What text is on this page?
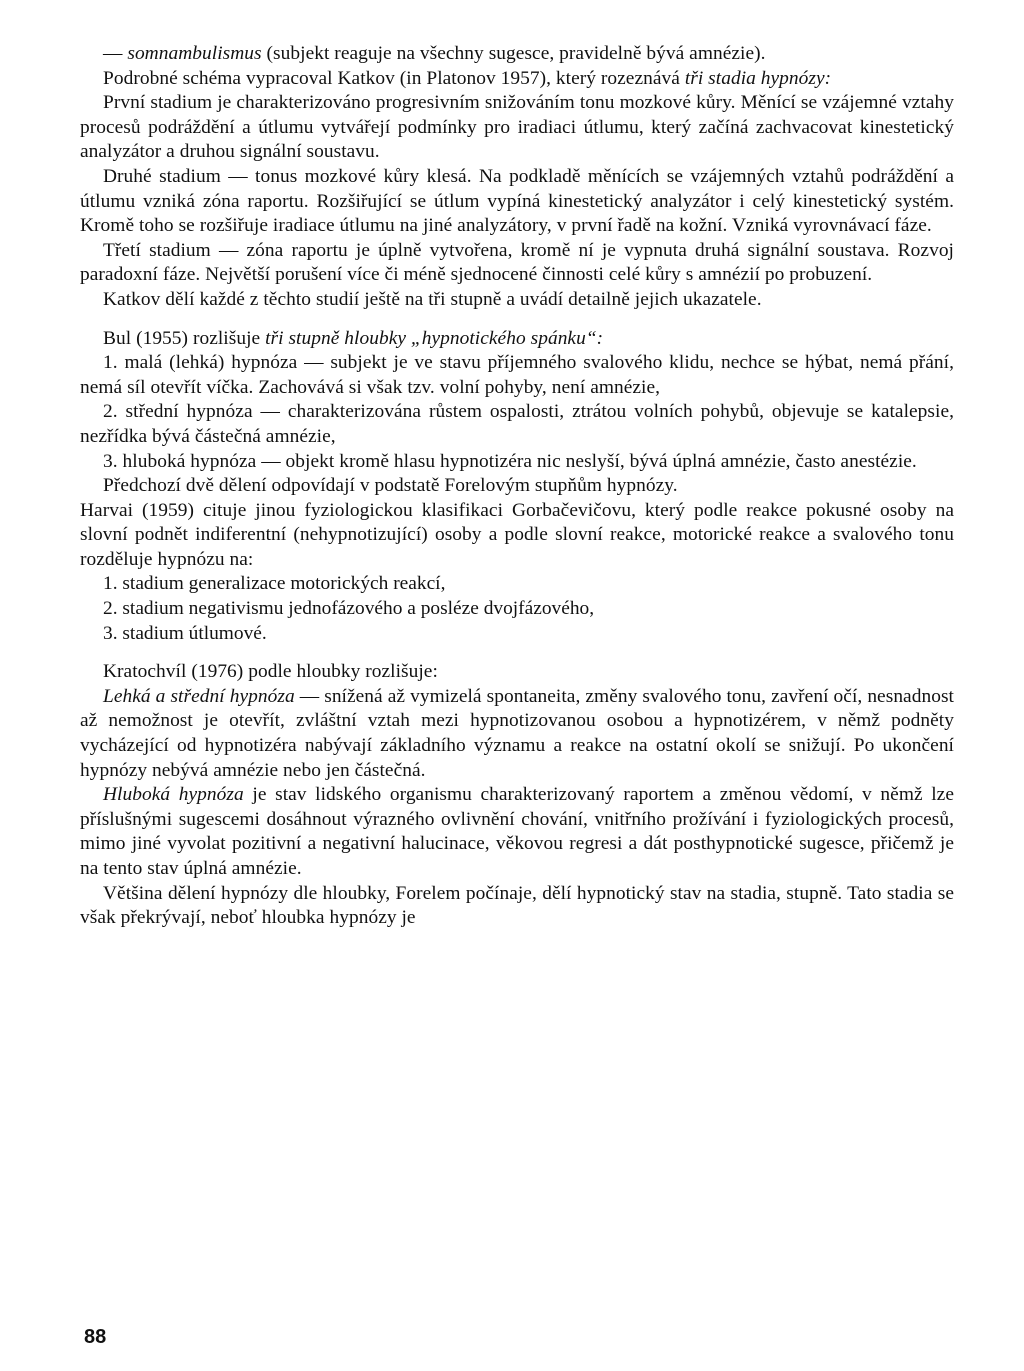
— somnambulismus (subjekt reaguje na všechny sugesce, pravidelně bývá amnézie).

Podrobné schéma vypracoval Katkov (in Platonov 1957), který rozeznává tři stadia hypnózy:

První stadium je charakterizováno progresivním snižováním tonu mozkové kůry. Měnící se vzájemné vztahy procesů podráždění a útlumu vytvářejí podmínky pro iradiaci útlumu, který začíná zachvacovat kinestetický analyzátor a druhou signální soustavu.

Druhé stadium — tonus mozkové kůry klesá. Na podkladě měnících se vzájemných vztahů podráždění a útlumu vzniká zóna raportu. Rozšiřující se útlum vypíná kinestetický analyzátor i celý kinestetický systém. Kromě toho se rozšiřuje iradiace útlumu na jiné analyzátory, v první řadě na kožní. Vzniká vyrovnávací fáze.

Třetí stadium — zóna raportu je úplně vytvořena, kromě ní je vypnuta druhá signální soustava. Rozvoj paradoxní fáze. Největší porušení více či méně sjednocené činnosti celé kůry s amnézií po probuzení.

Katkov dělí každé z těchto studií ještě na tři stupně a uvádí detailně jejich ukazatele.

Bul (1955) rozlišuje tři stupně hloubky „hypnotického spánku“:

1. malá (lehká) hypnóza — subjekt je ve stavu příjemného svalového klidu, nechce se hýbat, nemá přání, nemá síl otevřít víčka. Zachovává si však tzv. volní pohyby, není amnézie,

2. střední hypnóza — charakterizována růstem ospalosti, ztrátou volních pohybů, objevuje se katalepsie, nezřídka bývá částečná amnézie,

3. hluboká hypnóza — objekt kromě hlasu hypnotizéra nic neslyší, bývá úplná amnézie, často anestézie.

Předchozí dvě dělení odpovídají v podstatě Forelovým stupňům hypnózy.

Harvai (1959) cituje jinou fyziologickou klasifikaci Gorbačevičovu, který podle reakce pokusné osoby na slovní podnět indiferentní (nehypnotizující) osoby a podle slovní reakce, motorické reakce a svalového tonu rozděluje hypnózu na:

1. stadium generalizace motorických reakcí,

2. stadium negativismu jednofázového a posléze dvojfázového,

3. stadium útlumové.

Kratochvíl (1976) podle hloubky rozlišuje:

Lehká a střední hypnóza — snížená až vymizelá spontaneita, změny svalového tonu, zavření očí, nesnadnost až nemožnost je otevřít, zvláštní vztah mezi hypnotizovanou osobou a hypnotizérem, v němž podněty vycházející od hypnotizéra nabývají základního významu a reakce na ostatní okolí se snižují. Po ukončení hypnózy nebývá amnézie nebo jen částečná.

Hluboká hypnóza je stav lidského organismu charakterizovaný raportem a změnou vědomí, v němž lze příslušnými sugescemi dosáhnout výrazného ovlivnění chování, vnitřního prožívání i fyziologických procesů, mimo jiné vyvolat pozitivní a negativní halucinace, věkovou regresi a dát posthypnotické sugesce, přičemž je na tento stav úplná amnézie.

Většina dělení hypnózy dle hloubky, Forelem počínaje, dělí hypnotický stav na stadia, stupně. Tato stadia se však překrývají, neboť hloubka hypnózy je

88
